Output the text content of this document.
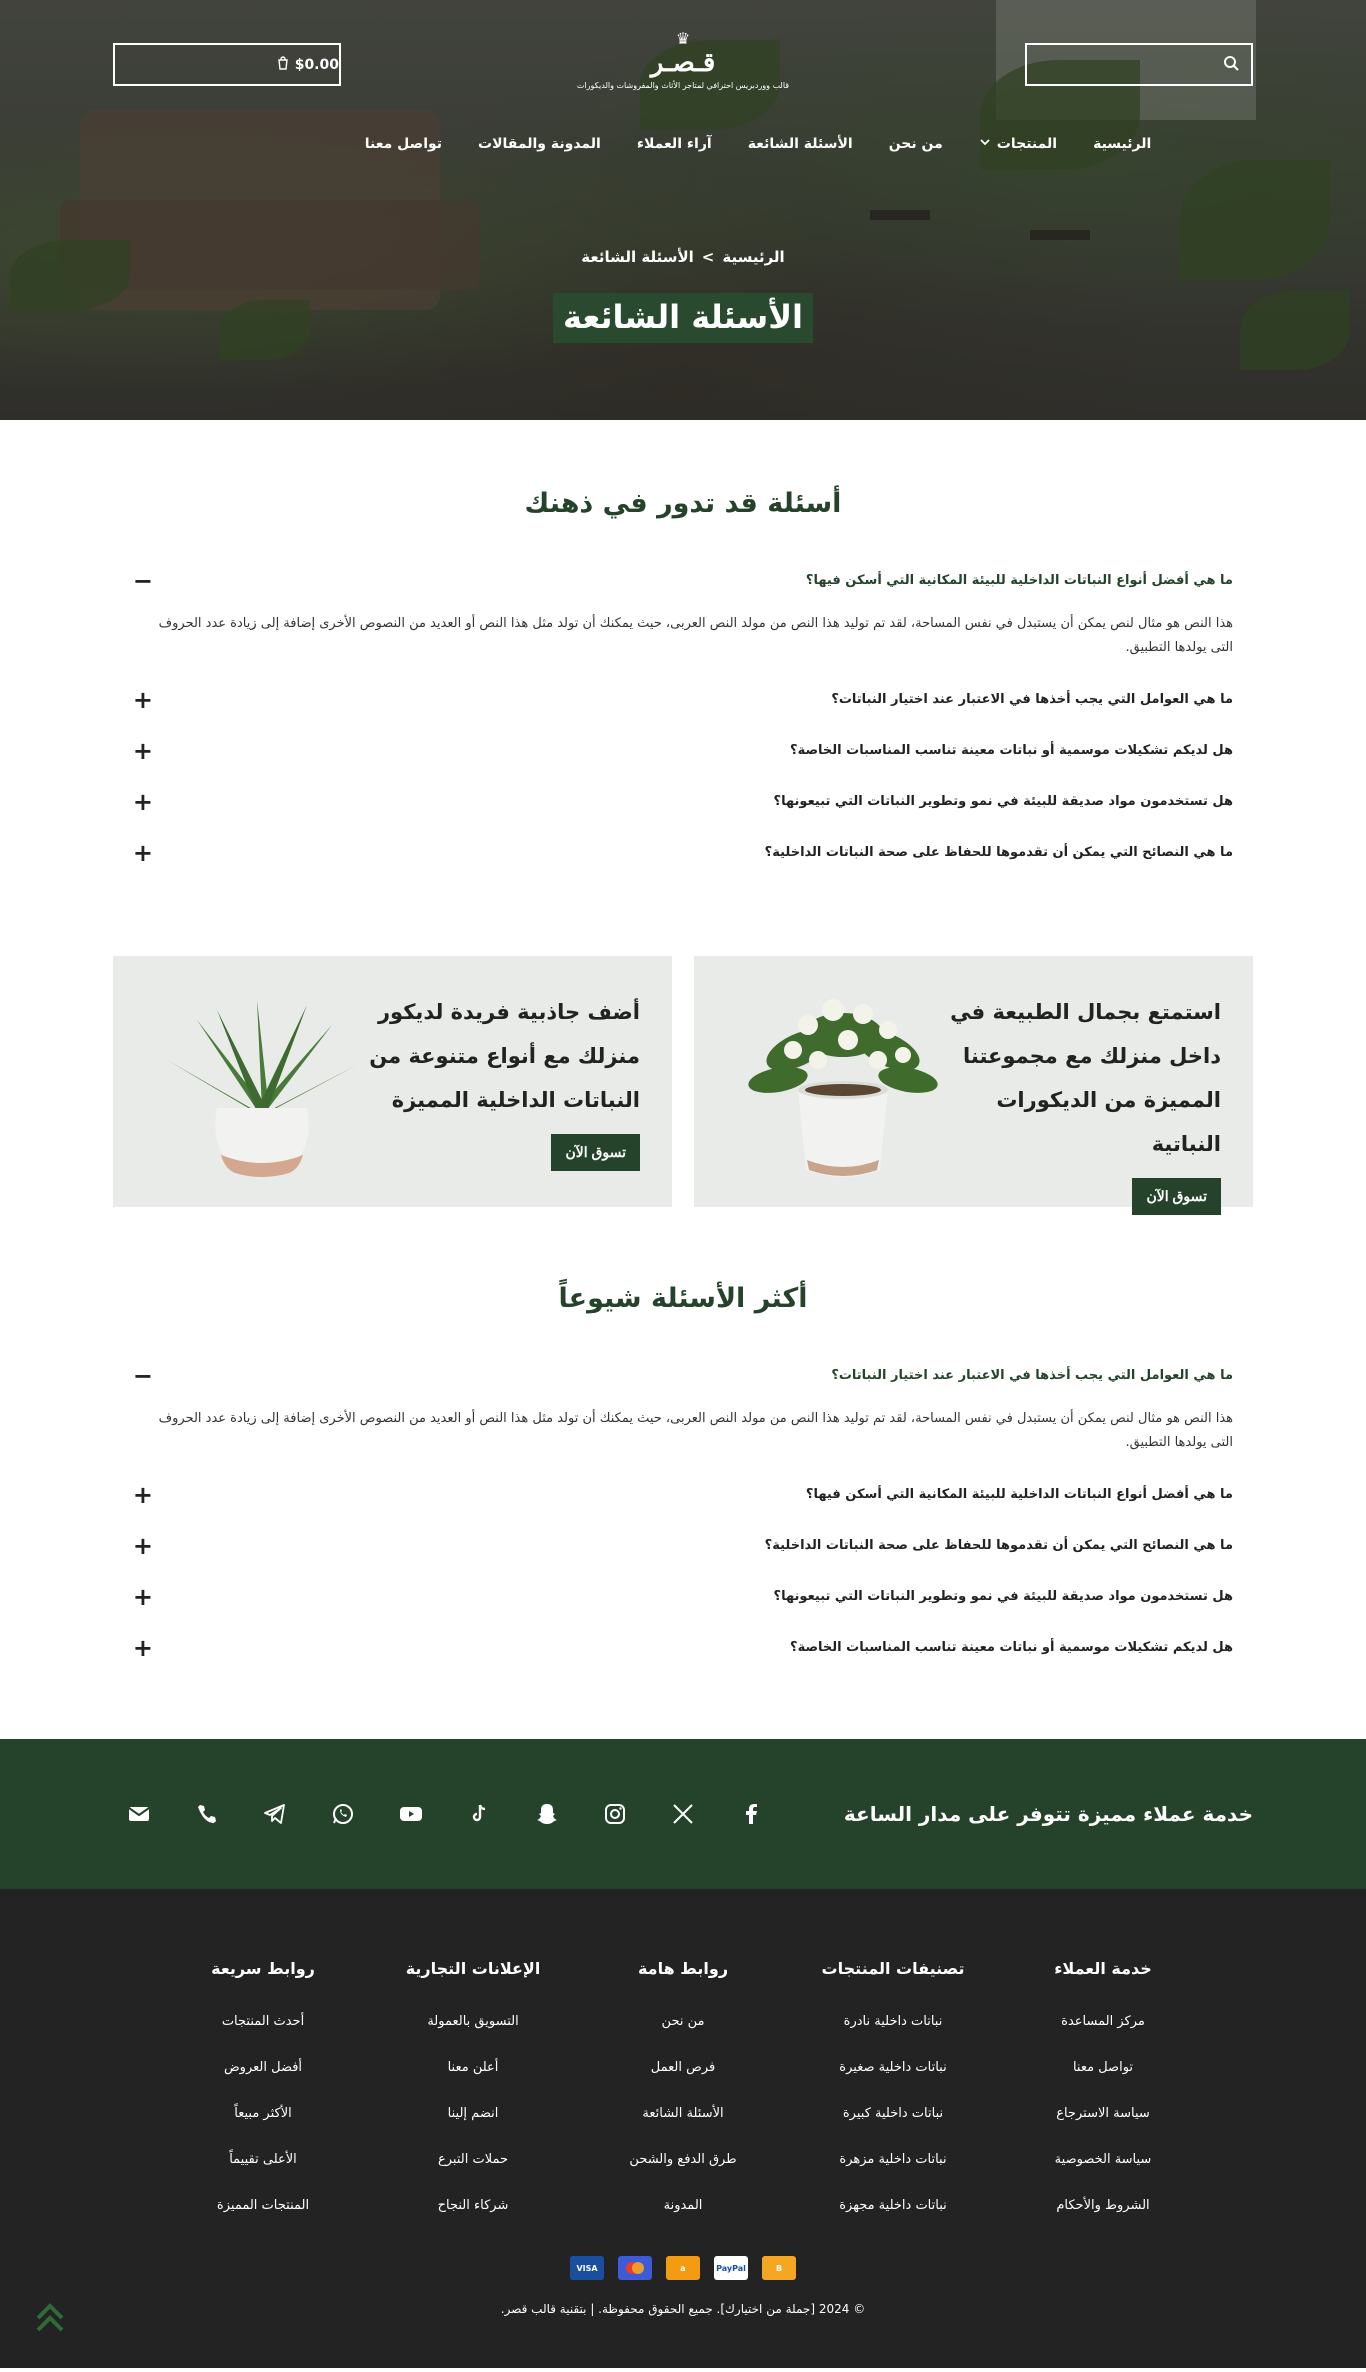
♛
قـصـر
قالب ووردبريس احترافي لمتاجر الأثاث والمفروشات والديكورات
$0.00
الرئيسية
المنتجات
من نحن
الأسئلة الشائعة
آراء العملاء
المدونة والمقالات
تواصل معنا
الرئيسية>الأسئلة الشائعة
الأسئلة الشائعة
أسئلة قد تدور في ذهنك
ما هي أفضل أنواع النباتات الداخلية للبيئة المكانية التي أسكن فيها؟
−
هذا النص هو مثال لنص يمكن أن يستبدل في نفس المساحة، لقد تم توليد هذا النص من مولد النص العربى، حيث يمكنك أن تولد مثل هذا النص أو العديد من النصوص الأخرى إضافة إلى زيادة عدد الحروف التى يولدها التطبيق.
ما هي العوامل التي يجب أخذها في الاعتبار عند اختيار النباتات؟
+
هل لديكم تشكيلات موسمية أو نباتات معينة تناسب المناسبات الخاصة؟
+
هل تستخدمون مواد صديقة للبيئة في نمو وتطوير النباتات التي تبيعونها؟
+
ما هي النصائح التي يمكن أن تقدموها للحفاظ على صحة النباتات الداخلية؟
+
استمتع بجمال الطبيعة في داخل منزلك مع مجموعتنا المميزة من الديكورات النباتية
تسوق الآن
أضف جاذبية فريدة لديكور منزلك مع أنواع متنوعة من النباتات الداخلية المميزة
تسوق الآن
أكثر الأسئلة شيوعاً
ما هي العوامل التي يجب أخذها في الاعتبار عند اختيار النباتات؟
−
هذا النص هو مثال لنص يمكن أن يستبدل في نفس المساحة، لقد تم توليد هذا النص من مولد النص العربى، حيث يمكنك أن تولد مثل هذا النص أو العديد من النصوص الأخرى إضافة إلى زيادة عدد الحروف التى يولدها التطبيق.
ما هي أفضل أنواع النباتات الداخلية للبيئة المكانية التي أسكن فيها؟
+
ما هي النصائح التي يمكن أن تقدموها للحفاظ على صحة النباتات الداخلية؟
+
هل تستخدمون مواد صديقة للبيئة في نمو وتطوير النباتات التي تبيعونها؟
+
هل لديكم تشكيلات موسمية أو نباتات معينة تناسب المناسبات الخاصة؟
+
خدمة عملاء مميزة تتوفر على مدار الساعة
خدمة العملاء
مركز المساعدة
تواصل معنا
سياسة الاسترجاع
سياسة الخصوصية
الشروط والأحكام
تصنيفات المنتجات
نباتات داخلية نادرة
نباتات داخلية صغيرة
نباتات داخلية كبيرة
نباتات داخلية مزهرة
نباتات داخلية مجهزة
روابط هامة
من نحن
فرص العمل
الأسئلة الشائعة
طرق الدفع والشحن
المدونة
الإعلانات التجارية
التسويق بالعمولة
أعلن معنا
انضم إلينا
حملات التبرع
شركاء النجاح
روابط سريعة
أحدث المنتجات
أفضل العروض
الأكثر مبيعاً
الأعلى تقييماً
المنتجات المميزة
VISA	a	PayPal	B
© 2024 [جملة من اختيارك]. جميع الحقوق محفوظة. | بتقنية قالب قصر.
